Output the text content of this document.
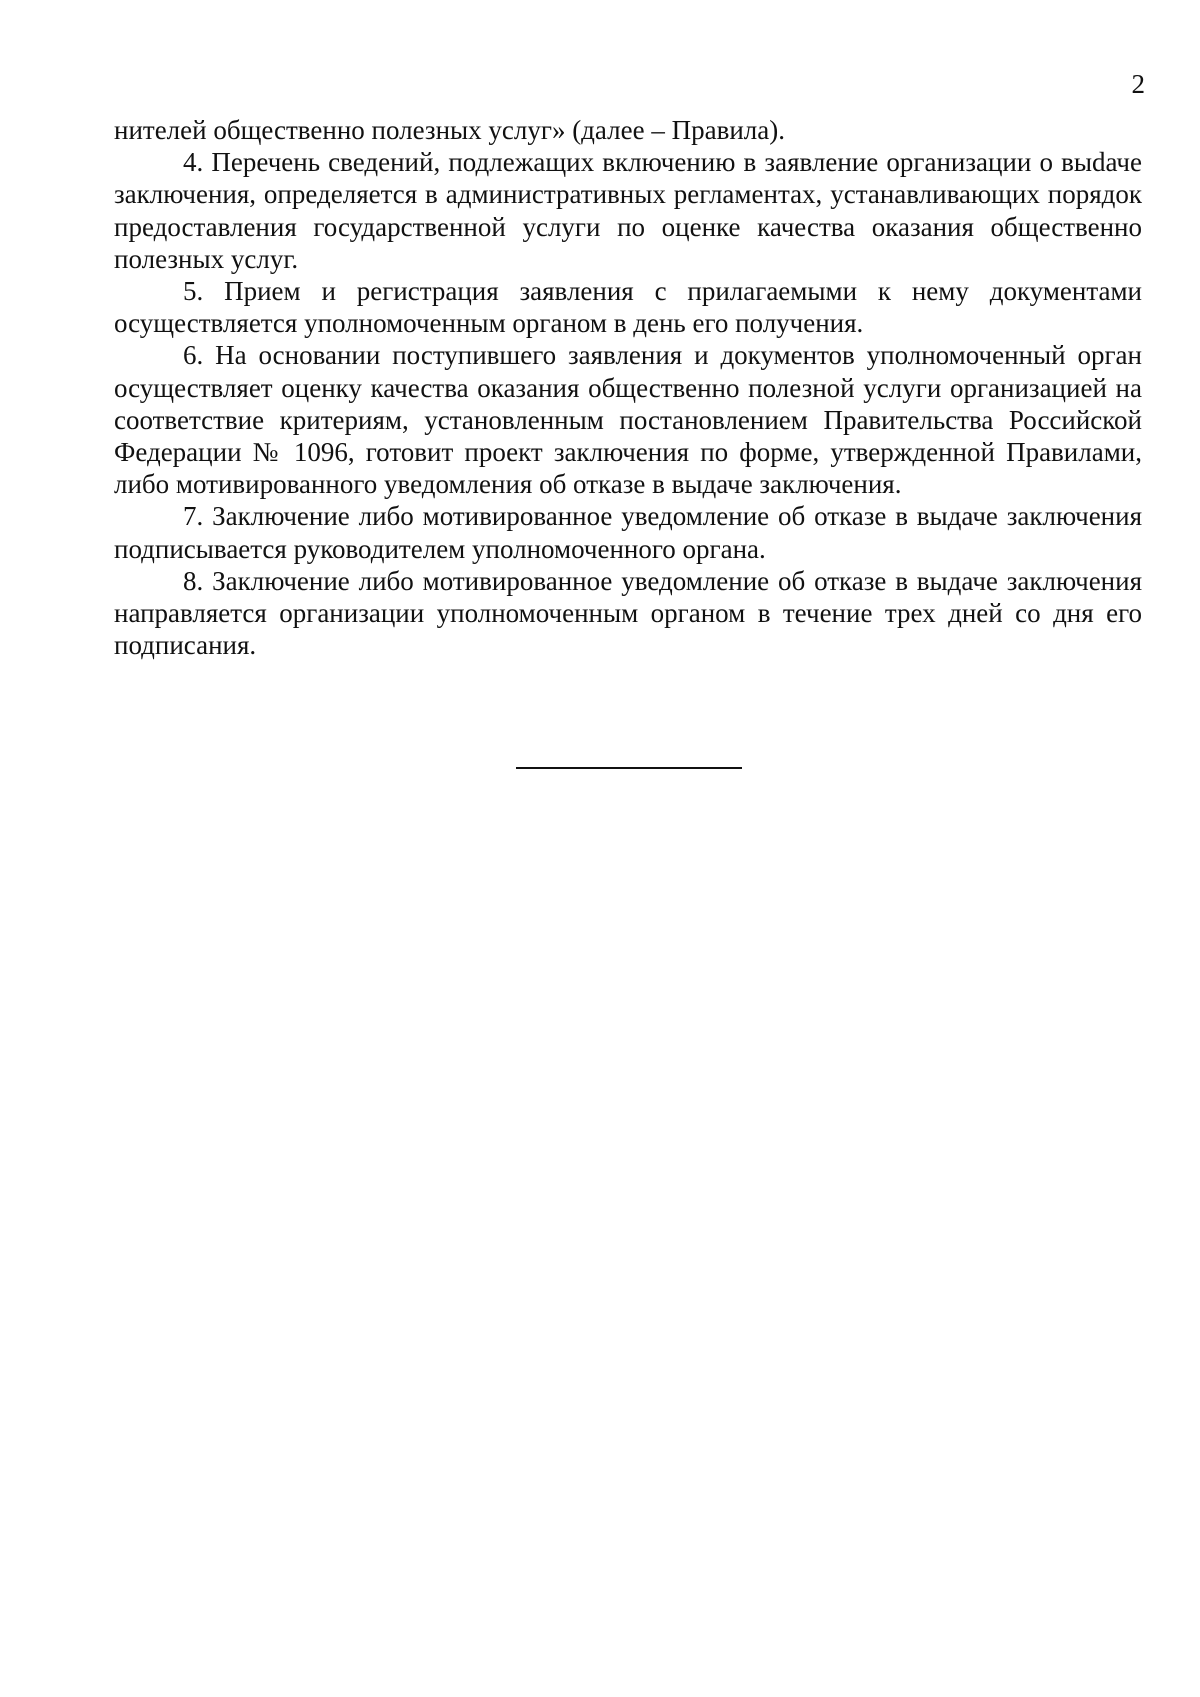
2

нителей общественно полезных услуг» (далее – Правила).

4. Перечень сведений, подлежащих включению в заявление организации о выdаче заключения, определяется в административных регламентах, устанавливающих порядок предоставления государственной услуги по оценке качества оказания общественно полезных услуг.

5. Прием и регистрация заявления с прилагаемыми к нему документами осуществляется уполномоченным органом в день его получения.

6. На основании поступившего заявления и документов уполномоченный орган осуществляет оценку качества оказания общественно полезной услуги организацией на соответствие критериям, установленным постановлением Правительства Российской Федерации № 1096, готовит проект заключения по форме, утвержденной Правилами, либо мотивированного уведомления об отказе в выдаче заключения.

7. Заключение либо мотивированное уведомление об отказе в выдаче заключения подписывается руководителем уполномоченного органа.

8. Заключение либо мотивированное уведомление об отказе в выдаче заключения направляется организации уполномоченным органом в течение трех дней со дня его подписания.
